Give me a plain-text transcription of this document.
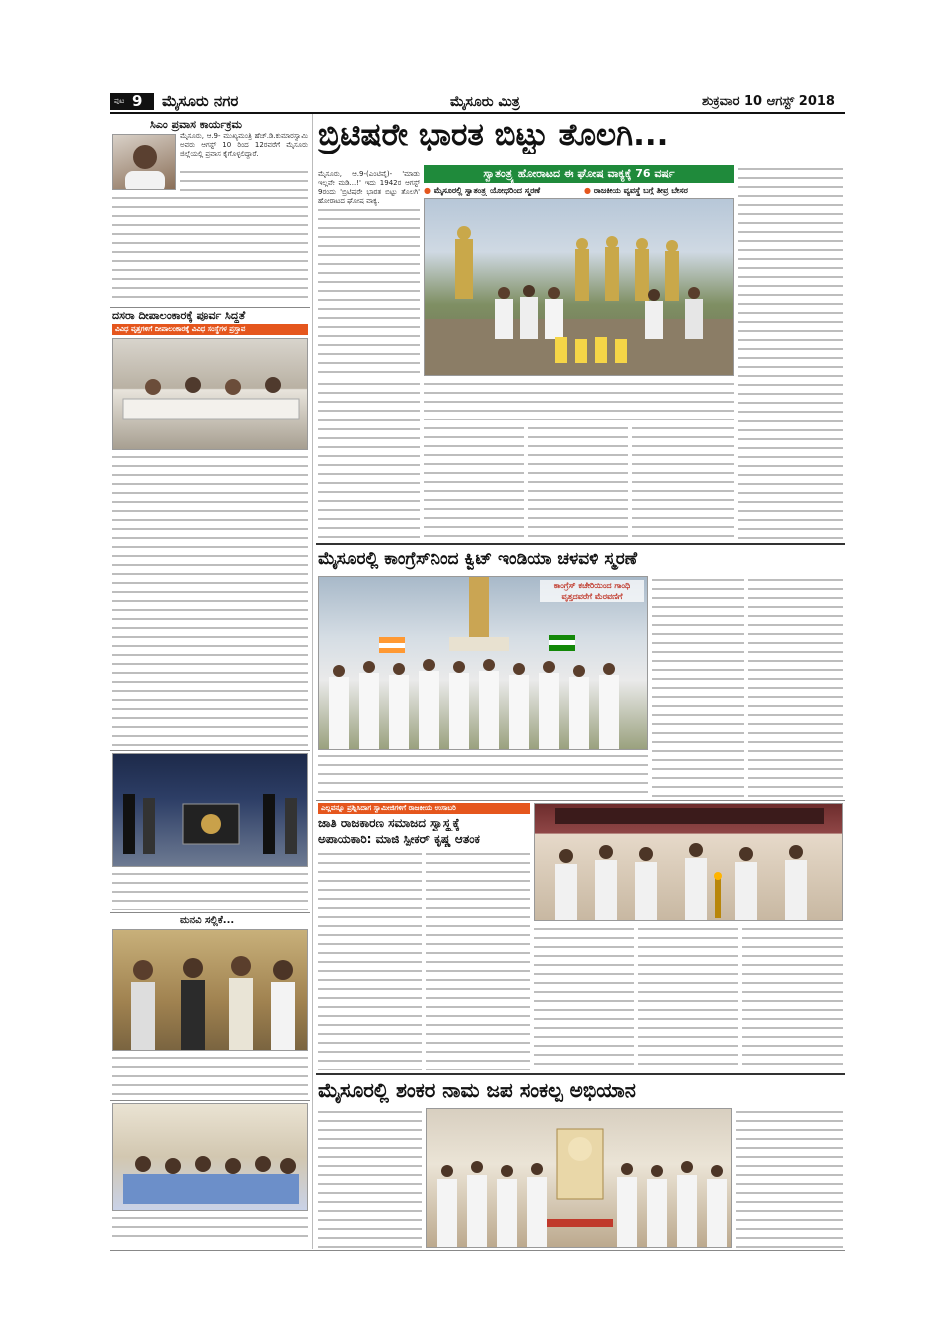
ಪುಟ 9 ಮೈಸೂರು ನಗರ	ಮೈಸೂರು ಮಿತ್ರ	ಶುಕ್ರವಾರ 10 ಆಗಸ್ಟ್ 2018
ಸಿಎಂ ಪ್ರವಾಸ ಕಾರ್ಯಕ್ರಮ
ಮೈಸೂರು, ಆ.9- ಮುಖ್ಯಮಂತ್ರಿ ಹೆಚ್.ಡಿ.ಕುಮಾರಸ್ವಾಮಿ ಅವರು ಆಗಸ್ಟ್ 10 ರಿಂದ 12ರವರೆಗೆ ಮೈಸೂರು ಜಿಲ್ಲೆಯಲ್ಲಿ ಪ್ರವಾಸ ಕೈಗೊಳ್ಳಲಿದ್ದಾರೆ.
ದಸರಾ ದೀಪಾಲಂಕಾರಕ್ಕೆ ಪೂರ್ವ ಸಿದ್ಧತೆ
ವಿವಿಧ ವೃತ್ತಗಳಿಗೆ ದೀಪಾಲಂಕಾರಕ್ಕೆ ವಿವಿಧ ಸಂಸ್ಥೆಗಳ ಪ್ರಸ್ತಾವ
ಮನವಿ ಸಲ್ಲಿಕೆ...
ಬ್ರಿಟಿಷರೇ ಭಾರತ ಬಿಟ್ಟು ತೊಲಗಿ...
ಮೈಸೂರು, ಆ.9-(ಎಂಟಿವೈ)- 'ಮಾಡು ಇಲ್ಲವೇ ಮಡಿ...!' ಇದು 1942ರ ಆಗಸ್ಟ್ 9ರಂದು 'ಬ್ರಿಟಿಷರೇ ಭಾರತ ಬಿಟ್ಟು ತೊಲಗಿ' ಹೋರಾಟದ ಘೋಷ ವಾಕ್ಯ.
ಸ್ವಾತಂತ್ರ್ಯ ಹೋರಾಟದ ಈ ಘೋಷ ವಾಕ್ಯಕ್ಕೆ 76 ವರ್ಷ
● ಮೈಸೂರಲ್ಲಿ ಸ್ವಾತಂತ್ರ್ಯ ಯೋಧರಿಂದ ಸ್ಮರಣೆ	● ರಾಜಕೀಯ ವ್ಯವಸ್ಥೆ ಬಗ್ಗೆ ತೀವ್ರ ಬೇಸರ
ಮೈಸೂರಲ್ಲಿ ಕಾಂಗ್ರೆಸ್‌ನಿಂದ ಕ್ವಿಟ್ ಇಂಡಿಯಾ ಚಳವಳಿ ಸ್ಮರಣೆ
ಕಾಂಗ್ರೆಸ್ ಕಚೇರಿಯಿಂದ ಗಾಂಧಿ ವೃತ್ತದವರೆಗೆ ಮೆರವಣಿಗೆ
ಎಲ್ಲವನ್ನೂ ಪ್ರಶ್ನಿಸಿದಾಗ ಸ್ವಾಮೀಜಿಗಳಿಗೆ ರಾಜಕೀಯ ಉಸಾಬರಿ
ಜಾತಿ ರಾಜಕಾರಣ ಸಮಾಜದ ಸ್ವಾಸ್ಥ್ಯಕ್ಕೆ
ಅಪಾಯಕಾರಿ: ಮಾಜಿ ಸ್ಪೀಕರ್ ಕೃಷ್ಣ ಆತಂಕ
ಮೈಸೂರಲ್ಲಿ ಶಂಕರ ನಾಮ ಜಪ ಸಂಕಲ್ಪ ಅಭಿಯಾನ
